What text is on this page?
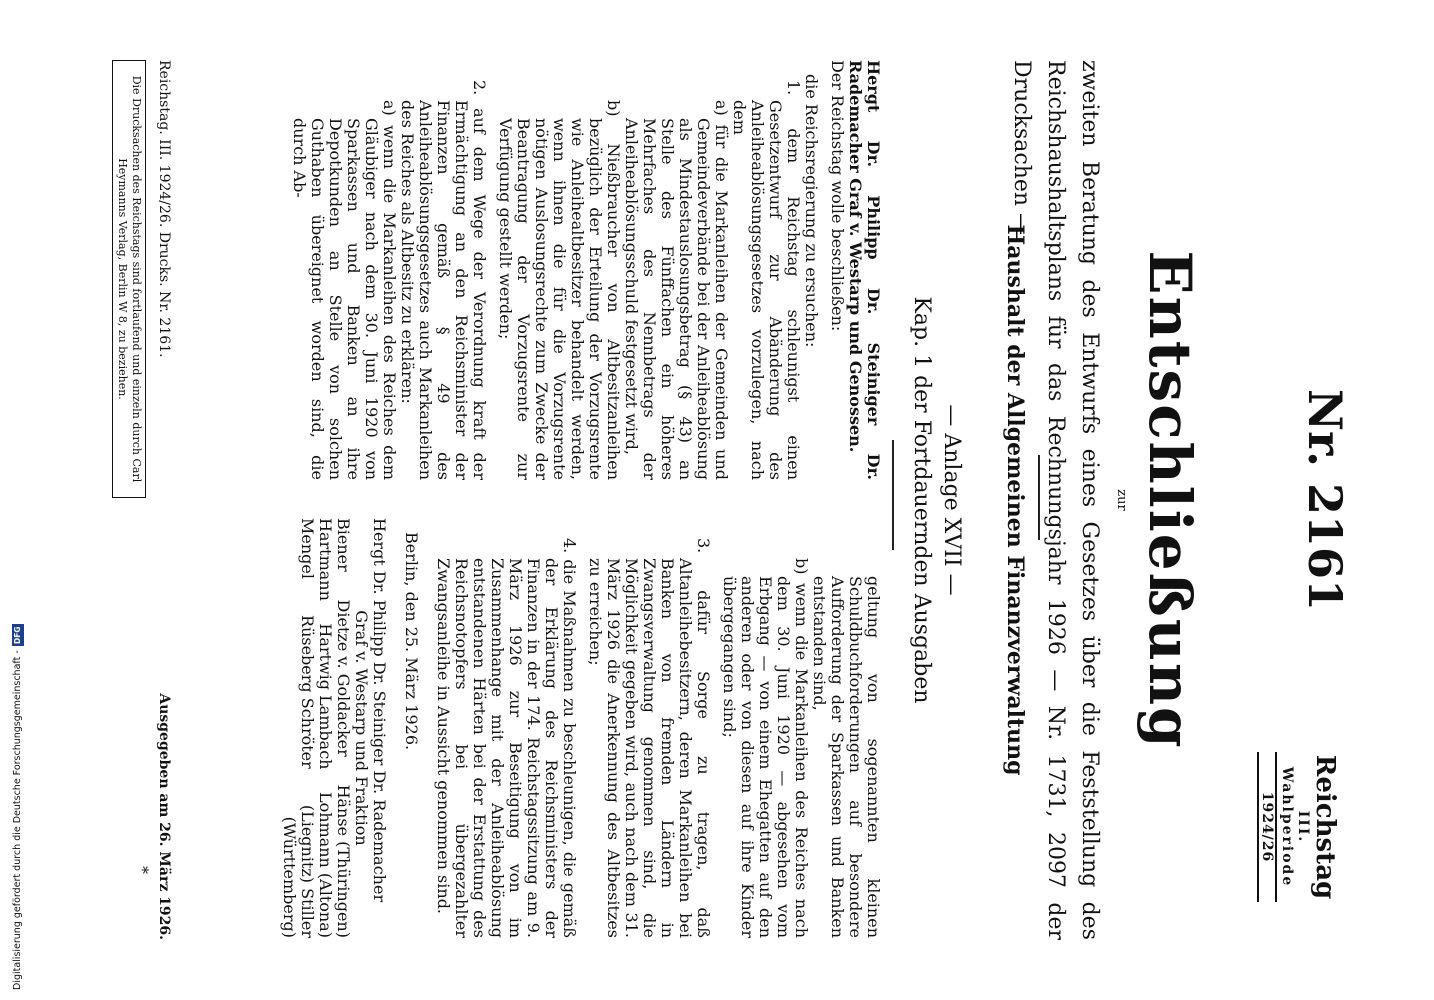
Reichstag
III. Wahlperiode
1924/26
Nr. 2161
Entschließung
zur
zweiten Beratung des Entwurfs eines Gesetzes über die Feststellung des Reichshaushaltsplans für das Rechnungsjahr 1926 — Nr. 1731, 2097 der Drucksachen —
Haushalt der Allgemeinen Finanzverwaltung
— Anlage XVII —
Kap. 1 der Fortdauernden Ausgaben

Hergt Dr. Philipp Dr. Steiniger Dr. Rademacher Graf v. Westarp und Genossen.

Der Reichstag wolle beschließen:

die Reichsregierung zu ersuchen:

1. dem Reichstag schleunigst einen Gesetzentwurf zur Abänderung des Anleiheablösungsgesetzes vorzulegen, nach dem

a) für die Markanleihen der Gemeinden und Gemeindeverbände bei der Anleiheablösung als Mindestauslosungsbetrag (§ 43) an Stelle des Fünffachen ein höheres Mehrfaches des Nennbetrags der Anleiheablösungsschuld festgesetzt wird,

b) Nießbraucher von Altbesitzanleihen bezüglich der Erteilung der Vorzugsrente wie Anleihealtbesitzer behandelt werden, wenn ihnen die für die Vorzugsrente nötigen Auslosungsrechte zum Zwecke der Beantragung der Vorzugsrente zur Verfügung gestellt werden;

2. auf dem Wege der Verordnung kraft der Ermächtigung an den Reichsminister der Finanzen gemäß § 49 des Anleiheablösungsgesetzes auch Markanleihen des Reiches als Altbesitz zu erklären:

a) wenn die Markanleihen des Reiches dem Gläubiger nach dem 30. Juni 1920 von Sparkassen und Banken an ihre Depotkunden an Stelle von solchen Guthaben übereignet worden sind, die durch Ab-

geltung von sogenannten kleinen Schuldbuchforderungen auf besondere Aufforderung der Sparkassen und Banken entstanden sind,

b) wenn die Markanleihen des Reiches nach dem 30. Juni 1920 — abgesehen vom Erbgang — von einem Ehegatten auf den anderen oder von diesen auf ihre Kinder übergegangen sind;

3. dafür Sorge zu tragen, daß Altanleihebesitzern, deren Markanleihen bei Banken von fremden Ländern in Zwangsverwaltung genommen sind, die Möglichkeit gegeben wird, auch nach dem 31. März 1926 die Anerkennung des Altbesitzes zu erreichen;

4. die Maßnahmen zu beschleunigen, die gemäß der Erklärung des Reichsministers der Finanzen in der 174. Reichstagssitzung am 9. März 1926 zur Beseitigung von im Zusammenhange mit der Anleiheablösung entstandenen Härten bei der Erstattung des Reichsnotopfers bei übergezahlter Zwangsanleihe in Aussicht genommen sind.

Berlin, den 25. März 1926.

Hergt Dr. Philipp Dr. Steiniger Dr. Rademacher

Graf v. Westarp und Fraktion

Biener
Dietze v. Goldacker
Hänse (Thüringen)
Hartmann
Hartwig Lambach
Lohmann (Altona)
Mengel
Rüseberg Schröter
(Liegnitz) Stiller

(Württemberg)

Reichstag. III. 1924/26. Drucks. Nr. 2161.
Ausgegeben am 26. März 1926.
Die Drucksachen des Reichstags sind fortlaufend und einzeln durch Carl Heymanns Verlag, Berlin W 8, zu beziehen.
*
Digitalisierung gefördert durch die Deutsche Forschungsgemeinschaft -
DFG
